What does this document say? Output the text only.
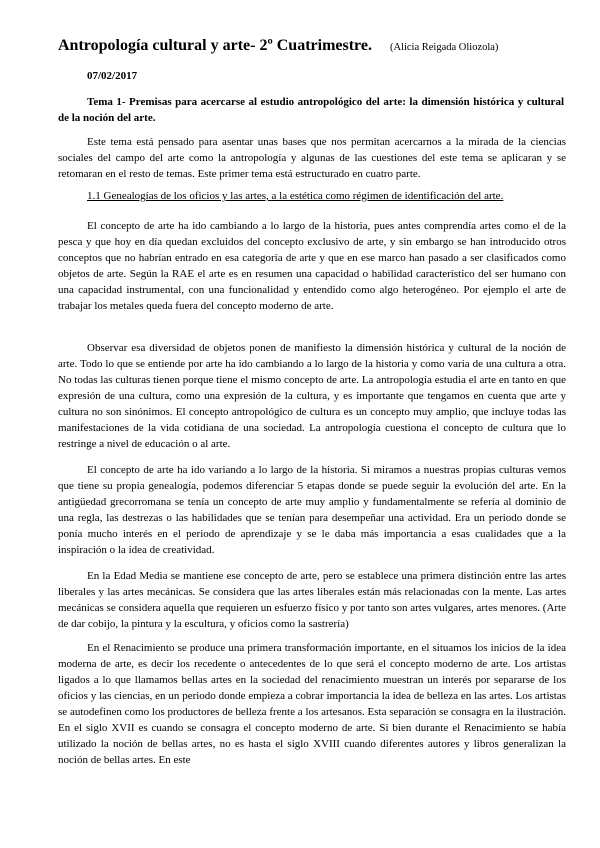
Antropología cultural y arte- 2º Cuatrimestre. (Alicia Reigada Oliozola)
07/02/2017
Tema 1- Premisas para acercarse al estudio antropológico del arte: la dimensión histórica y cultural de la noción del arte.
Este tema está pensado para asentar unas bases que nos permitan acercarnos a la mirada de la ciencias sociales del campo del arte como la antropología y algunas de las cuestiones del este tema se aplicaran y se retomaran en el resto de temas. Este primer tema está estructurado en cuatro parte.
1.1 Genealogías de los oficios y las artes, a la estética como régimen de identificación del arte.
El concepto de arte ha ido cambiando a lo largo de la historia, pues antes comprendía artes como el de la pesca y que hoy en día quedan excluidos del concepto exclusivo de arte, y sin embargo se han introducido otros conceptos que no habrían entrado en esa categoría de arte y que en ese marco han pasado a ser clasificados como objetos de arte. Según la RAE el arte es en resumen una capacidad o habilidad característico del ser humano con una capacidad instrumental, con una funcionalidad y entendido como algo heterogéneo. Por ejemplo el arte de trabajar los metales queda fuera del concepto moderno de arte.
Observar esa diversidad de objetos ponen de manifiesto la dimensión histórica y cultural de la noción de arte. Todo lo que se entiende por arte ha ido cambiando a lo largo de la historia y como varia de una cultura a otra. No todas las culturas tienen porque tiene el mismo concepto de arte. La antropología estudia el arte en tanto en que expresión de una cultura, como una expresión de la cultura, y es importante que tengamos en cuenta que arte y cultura no son sinónimos. El concepto antropológico de cultura es un concepto muy amplio, que incluye todas las manifestaciones de la vida cotidiana de una sociedad. La antropología cuestiona el concepto de cultura que lo restringe a nivel de educación o al arte.
El concepto de arte ha ido variando a lo largo de la historia. Si miramos a nuestras propias culturas vemos que tiene su propia genealogía, podemos diferenciar 5 etapas donde se puede seguir la evolución del arte. En la antigüedad grecorromana se tenía un concepto de arte muy amplio y fundamentalmente se refería al dominio de una regla, las destrezas o las habilidades que se tenían para desempeñar una actividad. Era un periodo donde se ponía mucho interés en el periodo de aprendizaje y se le daba más importancia a esas cualidades que a la inspiración o la idea de creatividad.
En la Edad Media se mantiene ese concepto de arte, pero se establece una primera distinción entre las artes liberales y las artes mecánicas. Se considera que las artes liberales están más relacionadas con la mente. Las artes mecánicas se considera aquella que requieren un esfuerzo físico y por tanto son artes vulgares, artes menores. (Arte de dar cobijo, la pintura y la escultura, y oficios como la sastrería)
En el Renacimiento se produce una primera transformación importante, en el situamos los inicios de la idea moderna de arte, es decir los recedente o antecedentes de lo que será el concepto moderno de arte. Los artistas ligados a lo que llamamos bellas artes en la sociedad del renacimiento muestran un interés por separarse de los oficios y las ciencias, en un periodo donde empieza a cobrar importancia la idea de belleza en las artes. Los artistas se autodefinen como los productores de belleza frente a los artesanos. Esta separación se consagra en la ilustración. En el siglo XVII es cuando se consagra el concepto moderno de arte. Si bien durante el Renacimiento se había utilizado la noción de bellas artes, no es hasta el siglo XVIII cuando diferentes autores y libros generalizan la noción de bellas artes. En este
